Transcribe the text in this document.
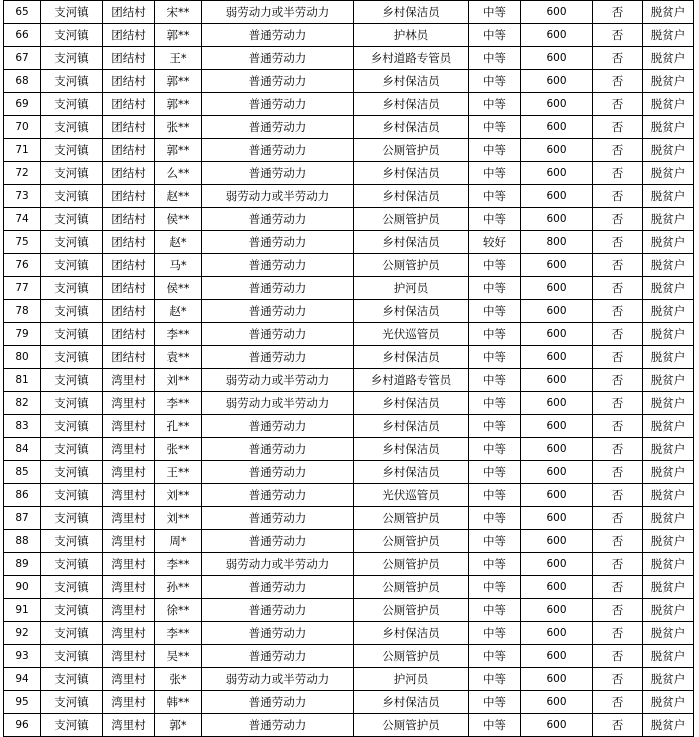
65	支河镇	团结村	宋**	弱劳动力或半劳动力	乡村保洁员	中等	600	否	脱贫户
66	支河镇	团结村	郭**	普通劳动力	护林员	中等	600	否	脱贫户
67	支河镇	团结村	王*	普通劳动力	乡村道路专管员	中等	600	否	脱贫户
68	支河镇	团结村	郭**	普通劳动力	乡村保洁员	中等	600	否	脱贫户
69	支河镇	团结村	郭**	普通劳动力	乡村保洁员	中等	600	否	脱贫户
70	支河镇	团结村	张**	普通劳动力	乡村保洁员	中等	600	否	脱贫户
71	支河镇	团结村	郭**	普通劳动力	公厕管护员	中等	600	否	脱贫户
72	支河镇	团结村	么**	普通劳动力	乡村保洁员	中等	600	否	脱贫户
73	支河镇	团结村	赵**	弱劳动力或半劳动力	乡村保洁员	中等	600	否	脱贫户
74	支河镇	团结村	侯**	普通劳动力	公厕管护员	中等	600	否	脱贫户
75	支河镇	团结村	赵*	普通劳动力	乡村保洁员	较好	800	否	脱贫户
76	支河镇	团结村	马*	普通劳动力	公厕管护员	中等	600	否	脱贫户
77	支河镇	团结村	侯**	普通劳动力	护河员	中等	600	否	脱贫户
78	支河镇	团结村	赵*	普通劳动力	乡村保洁员	中等	600	否	脱贫户
79	支河镇	团结村	李**	普通劳动力	光伏巡管员	中等	600	否	脱贫户
80	支河镇	团结村	袁**	普通劳动力	乡村保洁员	中等	600	否	脱贫户
81	支河镇	湾里村	刘**	弱劳动力或半劳动力	乡村道路专管员	中等	600	否	脱贫户
82	支河镇	湾里村	李**	弱劳动力或半劳动力	乡村保洁员	中等	600	否	脱贫户
83	支河镇	湾里村	孔**	普通劳动力	乡村保洁员	中等	600	否	脱贫户
84	支河镇	湾里村	张**	普通劳动力	乡村保洁员	中等	600	否	脱贫户
85	支河镇	湾里村	王**	普通劳动力	乡村保洁员	中等	600	否	脱贫户
86	支河镇	湾里村	刘**	普通劳动力	光伏巡管员	中等	600	否	脱贫户
87	支河镇	湾里村	刘**	普通劳动力	公厕管护员	中等	600	否	脱贫户
88	支河镇	湾里村	周*	普通劳动力	公厕管护员	中等	600	否	脱贫户
89	支河镇	湾里村	李**	弱劳动力或半劳动力	公厕管护员	中等	600	否	脱贫户
90	支河镇	湾里村	孙**	普通劳动力	公厕管护员	中等	600	否	脱贫户
91	支河镇	湾里村	徐**	普通劳动力	公厕管护员	中等	600	否	脱贫户
92	支河镇	湾里村	李**	普通劳动力	乡村保洁员	中等	600	否	脱贫户
93	支河镇	湾里村	吴**	普通劳动力	公厕管护员	中等	600	否	脱贫户
94	支河镇	湾里村	张*	弱劳动力或半劳动力	护河员	中等	600	否	脱贫户
95	支河镇	湾里村	韩**	普通劳动力	乡村保洁员	中等	600	否	脱贫户
96	支河镇	湾里村	郭*	普通劳动力	公厕管护员	中等	600	否	脱贫户
